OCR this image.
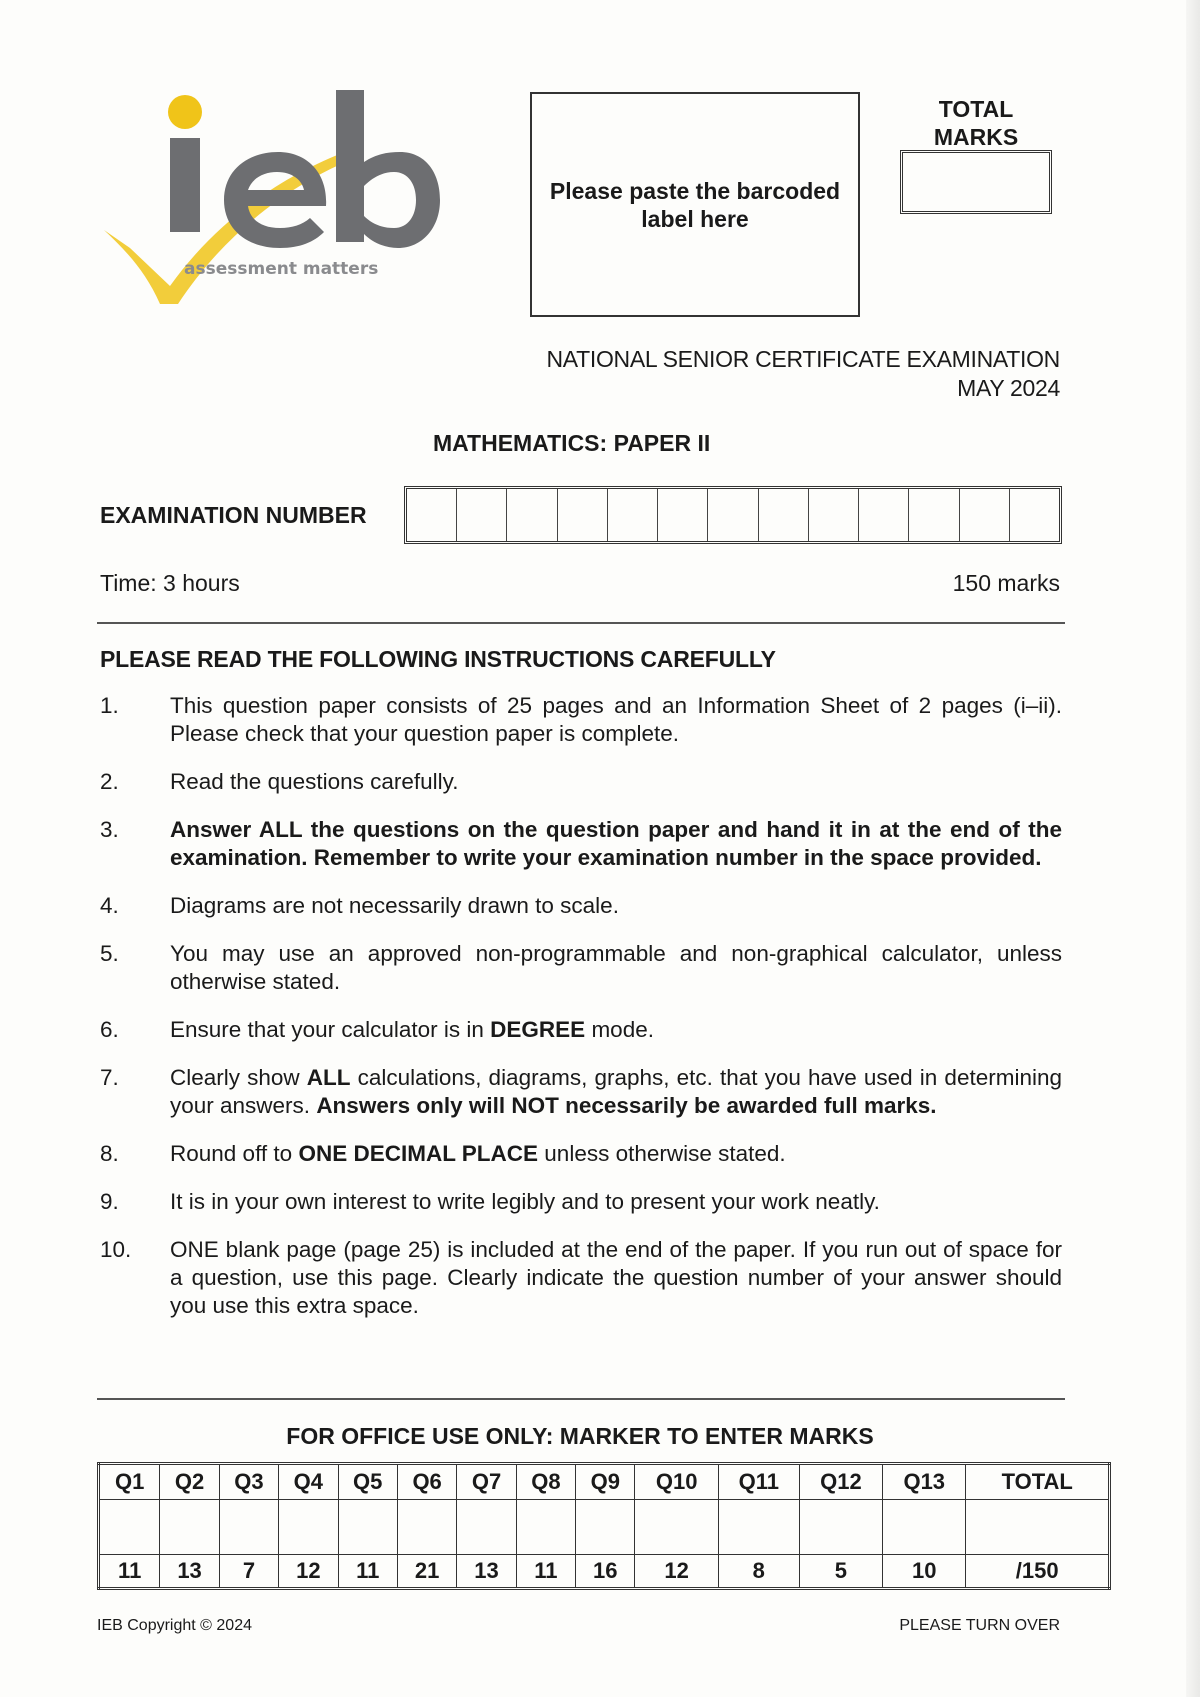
assessment matters
Please paste the barcoded
label here
TOTAL
MARKS
NATIONAL SENIOR CERTIFICATE EXAMINATION
MAY 2024
MATHEMATICS: PAPER II
EXAMINATION NUMBER
Time: 3 hours	150 marks
PLEASE READ THE FOLLOWING INSTRUCTIONS CAREFULLY
1.	This question paper consists of 25 pages and an Information Sheet of 2 pages (i–ii). Please check that your question paper is complete.
2.	Read the questions carefully.
3.	Answer ALL the questions on the question paper and hand it in at the end of the examination. Remember to write your examination number in the space provided.
4.	Diagrams are not necessarily drawn to scale.
5.	You may use an approved non-programmable and non-graphical calculator, unless otherwise stated.
6.	Ensure that your calculator is in DEGREE mode.
7.	Clearly show ALL calculations, diagrams, graphs, etc. that you have used in determining your answers. Answers only will NOT necessarily be awarded full marks.
8.	Round off to ONE DECIMAL PLACE unless otherwise stated.
9.	It is in your own interest to write legibly and to present your work neatly.
10.	ONE blank page (page 25) is included at the end of the paper. If you run out of space for a question, use this page. Clearly indicate the question number of your answer should you use this extra space.
FOR OFFICE USE ONLY: MARKER TO ENTER MARKS
Q1	Q2	Q3	Q4	Q5	Q6	Q7	Q8	Q9	Q10	Q11	Q12	Q13	TOTAL

11	13	7	12	11	21	13	11	16	12	8	5	10	/150
IEB Copyright © 2024	PLEASE TURN OVER
